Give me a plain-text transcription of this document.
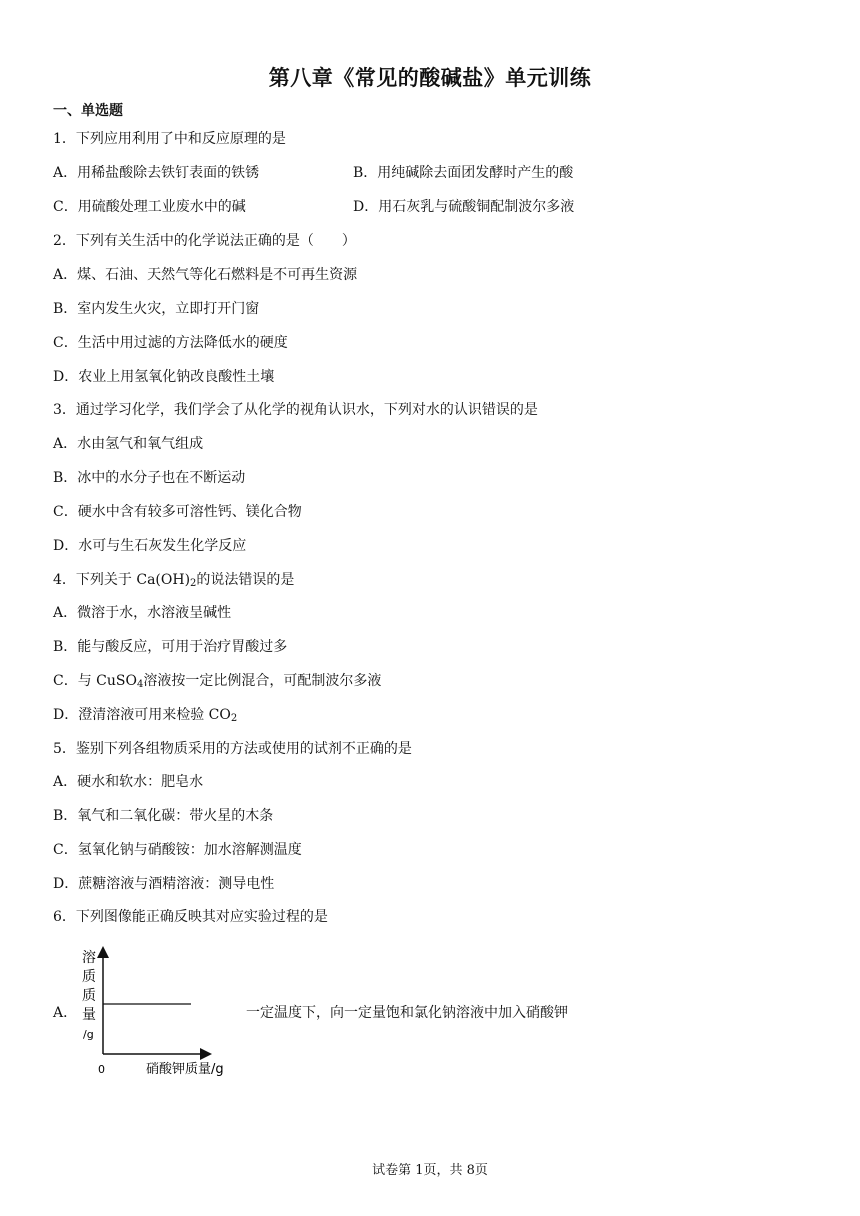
第八章《常见的酸碱盐》单元训练
一、单选题
1．下列应用利用了中和反应原理的是
A．用稀盐酸除去铁钉表面的铁锈	B．用纯碱除去面团发酵时产生的酸
C．用硫酸处理工业废水中的碱	D．用石灰乳与硫酸铜配制波尔多液
2．下列有关生活中的化学说法正确的是（　　）
A．煤、石油、天然气等化石燃料是不可再生资源
B．室内发生火灾，立即打开门窗
C．生活中用过滤的方法降低水的硬度
D．农业上用氢氧化钠改良酸性土壤
3．通过学习化学，我们学会了从化学的视角认识水，下列对水的认识错误的是
A．水由氢气和氧气组成
B．冰中的水分子也在不断运动
C．硬水中含有较多可溶性钙、镁化合物
D．水可与生石灰发生化学反应
4．下列关于 $Ca(OH)_2$的说法错误的是
A．微溶于水，水溶液呈碱性
B．能与酸反应，可用于治疗胃酸过多
C．与 CuSO$_4$溶液按一定比例混合，可配制波尔多液
D．澄清溶液可用来检验 $CO_2$
5．鉴别下列各组物质采用的方法或使用的试剂不正确的是
A．硬水和软水：肥皂水
B．氧气和二氧化碳：带火星的木条
C．氢氧化钠与硝酸铵：加水溶解测温度
D．蔗糖溶液与酒精溶液：测导电性
6．下列图像能正确反映其对应实验过程的是
A．
溶
质
质
量
/g
0	硝酸钾质量/g
一定温度下，向一定量饱和氯化钠溶液中加入硝酸钾
试卷第 1页，共 8页
